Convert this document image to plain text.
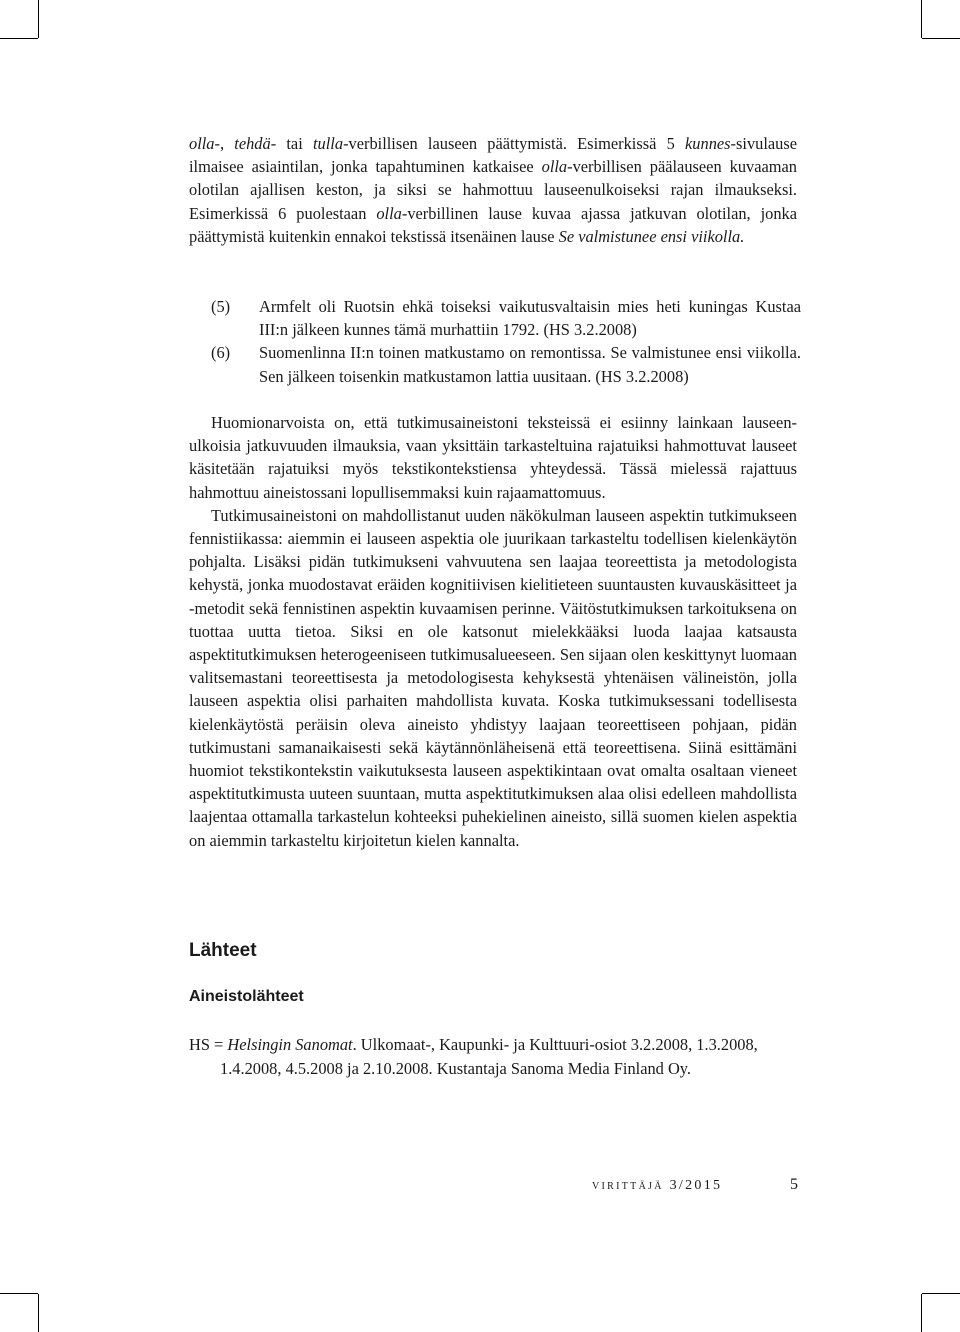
olla-, tehdä- tai tulla-verbillisen lauseen päättymistä. Esimerkissä 5 kunnes-sivulause ilmaisee asiaintilan, jonka tapahtuminen katkaisee olla-verbillisen päälauseen kuvaaman olotilan ajallisen keston, ja siksi se hahmottuu lauseenulkoiseksi rajan ilmaukseksi. Esimerkissä 6 puolestaan olla-verbillinen lause kuvaa ajassa jatkuvan olotilan, jonka päättymistä kuitenkin ennakoi tekstissä itsenäinen lause Se valmistunee ensi viikolla.

(5)	Armfelt oli Ruotsin ehkä toiseksi vaikutusvaltaisin mies heti kuningas Kustaa III:n jälkeen kunnes tämä murhattiin 1792. (HS 3.2.2008)
(6)	Suomenlinna II:n toinen matkustamo on remontissa. Se valmistunee ensi viikolla. Sen jälkeen toisenkin matkustamon lattia uusitaan. (HS 3.2.2008)

Huomionarvoista on, että tutkimusaineistoni teksteissä ei esiinny lainkaan lauseenulkoisia jatkuvuuden ilmauksia, vaan yksittäin tarkasteltuina rajatuiksi hahmottuvat lauseet käsitetään rajatuiksi myös tekstikontekstiensa yhteydessä. Tässä mielessä rajattuus hahmottuu aineistossani lopullisemmaksi kuin rajaamattomuus.

Tutkimusaineistoni on mahdollistanut uuden näkökulman lauseen aspektin tutkimukseen fennistiikassa: aiemmin ei lauseen aspektia ole juurikaan tarkasteltu todellisen kielenkäytön pohjalta. Lisäksi pidän tutkimukseni vahvuutena sen laajaa teoreettista ja metodologista kehystä, jonka muodostavat eräiden kognitiivisen kielitieteen suuntausten kuvauskäsitteet ja -metodit sekä fennistinen aspektin kuvaamisen perinne. Väitöstutkimuksen tarkoituksena on tuottaa uutta tietoa. Siksi en ole katsonut mielekkääksi luoda laajaa katsausta aspektitutkimuksen heterogeeniseen tutkimusalueeseen. Sen sijaan olen keskittynyt luomaan valitsemastani teoreettisesta ja metodologisesta kehyksestä yhtenäisen välineistön, jolla lauseen aspektia olisi parhaiten mahdollista kuvata. Koska tutkimuksessani todellisesta kielenkäytöstä peräisin oleva aineisto yhdistyy laajaan teoreettiseen pohjaan, pidän tutkimustani samanaikaisesti sekä käytännönläheisenä että teoreettisena. Siinä esittämäni huomiot tekstikontekstin vaikutuksesta lauseen aspektikintaan ovat omalta osaltaan vieneet aspektitutkimusta uuteen suuntaan, mutta aspektitutkimuksen alaa olisi edelleen mahdollista laajentaa ottamalla tarkastelun kohteeksi puhekielinen aineisto, sillä suomen kielen aspektia on aiemmin tarkasteltu kirjoitetun kielen kannalta.

Lähteet
Aineistolähteet

HS = Helsingin Sanomat. Ulkomaat-, Kaupunki- ja Kulttuuri-osiot 3.2.2008, 1.3.2008, 1.4.2008, 4.5.2008 ja 2.10.2008. Kustantaja Sanoma Media Finland Oy.

virittäjä 3/2015	5
